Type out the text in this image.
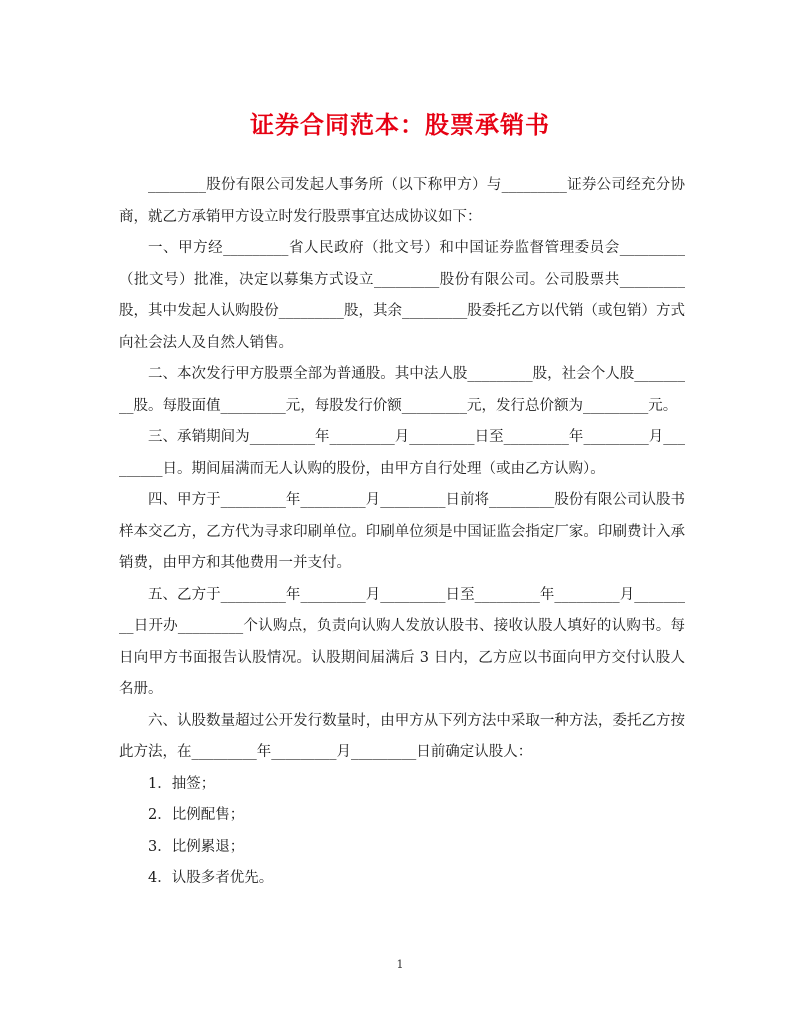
证券合同范本：股票承销书

________股份有限公司发起人事务所（以下称甲方）与_________证券公司经充分协商，就乙方承销甲方设立时发行股票事宜达成协议如下：

一、甲方经_________省人民政府（批文号）和中国证券监督管理委员会_________（批文号）批准，决定以募集方式设立_________股份有限公司。公司股票共_________股，其中发起人认购股份_________股，其余_________股委托乙方以代销（或包销）方式向社会法人及自然人销售。

二、本次发行甲方股票全部为普通股。其中法人股_________股，社会个人股_________股。每股面值_________元，每股发行价额_________元，发行总价额为_________元。

三、承销期间为_________年_________月_________日至_________年_________月_________日。期间届满而无人认购的股份，由甲方自行处理（或由乙方认购）。

四、甲方于_________年_________月_________日前将_________股份有限公司认股书样本交乙方，乙方代为寻求印刷单位。印刷单位须是中国证监会指定厂家。印刷费计入承销费，由甲方和其他费用一并支付。

五、乙方于_________年_________月_________日至_________年_________月_________日开办_________个认购点，负责向认购人发放认股书、接收认股人填好的认购书。每日向甲方书面报告认股情况。认股期间届满后 3 日内，乙方应以书面向甲方交付认股人名册。

六、认股数量超过公开发行数量时，由甲方从下列方法中采取一种方法，委托乙方按此方法，在_________年_________月_________日前确定认股人：

1．抽签；

2．比例配售；

3．比例累退；

4．认股多者优先。

1
